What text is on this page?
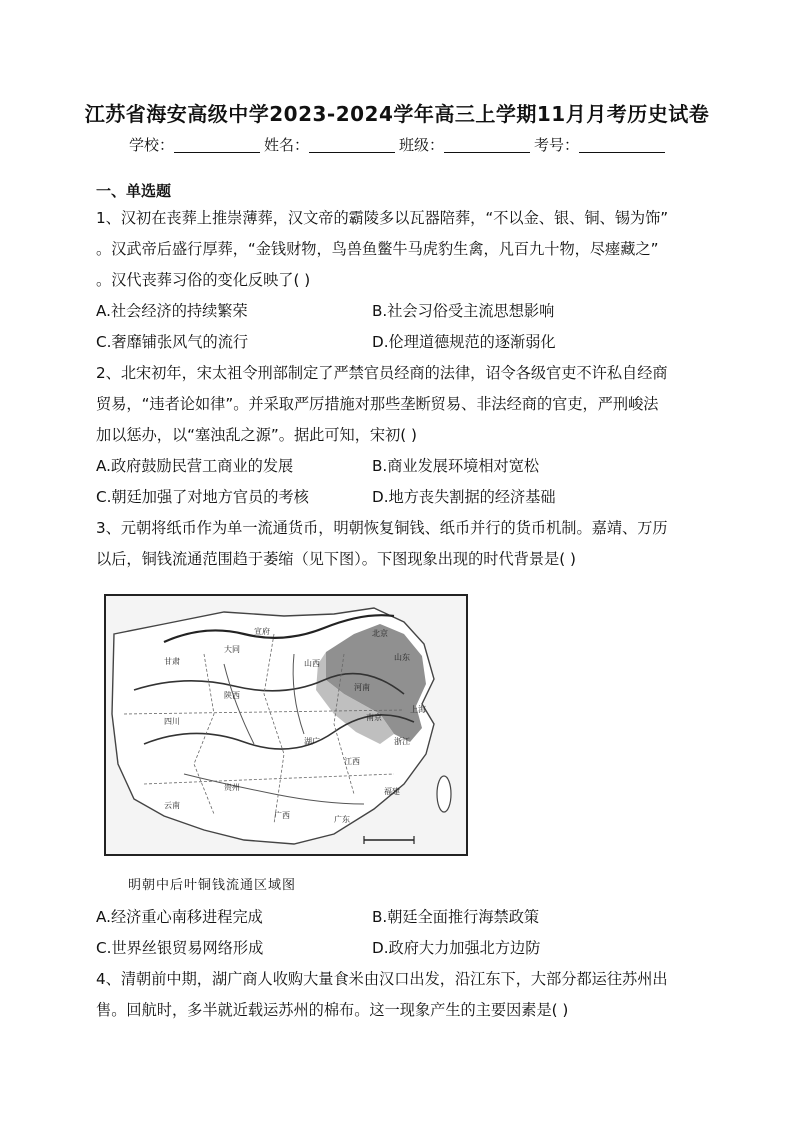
江苏省海安高级中学2023-2024学年高三上学期11月月考历史试卷
学校：	姓名：	班级：	考号：
一、单选题
1、汉初在丧葬上推崇薄葬，汉文帝的霸陵多以瓦器陪葬，“不以金、银、铜、锡为饰”
。汉武帝后盛行厚葬，“金钱财物，鸟兽鱼鳖牛马虎豹生禽，凡百九十物，尽瘗藏之”
。汉代丧葬习俗的变化反映了( )
A.社会经济的持续繁荣	B.社会习俗受主流思想影响
C.奢靡铺张风气的流行	D.伦理道德规范的逐渐弱化
2、北宋初年，宋太祖令刑部制定了严禁官员经商的法律，诏令各级官吏不许私自经商
贸易，“违者论如律”。并采取严厉措施对那些垄断贸易、非法经商的官吏，严刑峻法
加以惩办，以“塞浊乱之源”。据此可知，宋初( )
A.政府鼓励民营工商业的发展	B.商业发展环境相对宽松
C.朝廷加强了对地方官员的考核	D.地方丧失割据的经济基础
3、元朝将纸币作为单一流通货币，明朝恢复铜钱、纸币并行的货币机制。嘉靖、万历
以后，铜钱流通范围趋于萎缩（见下图）。下图现象出现的时代背景是( )
宣府
大同
山西
北京
山东
河南
南京
上海
浙江
湖广
江西
福建
广东
广西
贵州
云南
四川
陕西
甘肃
明朝中后叶铜钱流通区域图
A.经济重心南移进程完成	B.朝廷全面推行海禁政策
C.世界丝银贸易网络形成	D.政府大力加强北方边防
4、清朝前中期，湖广商人收购大量食米由汉口出发，沿江东下，大部分都运往苏州出
售。回航时，多半就近载运苏州的棉布。这一现象产生的主要因素是( )
